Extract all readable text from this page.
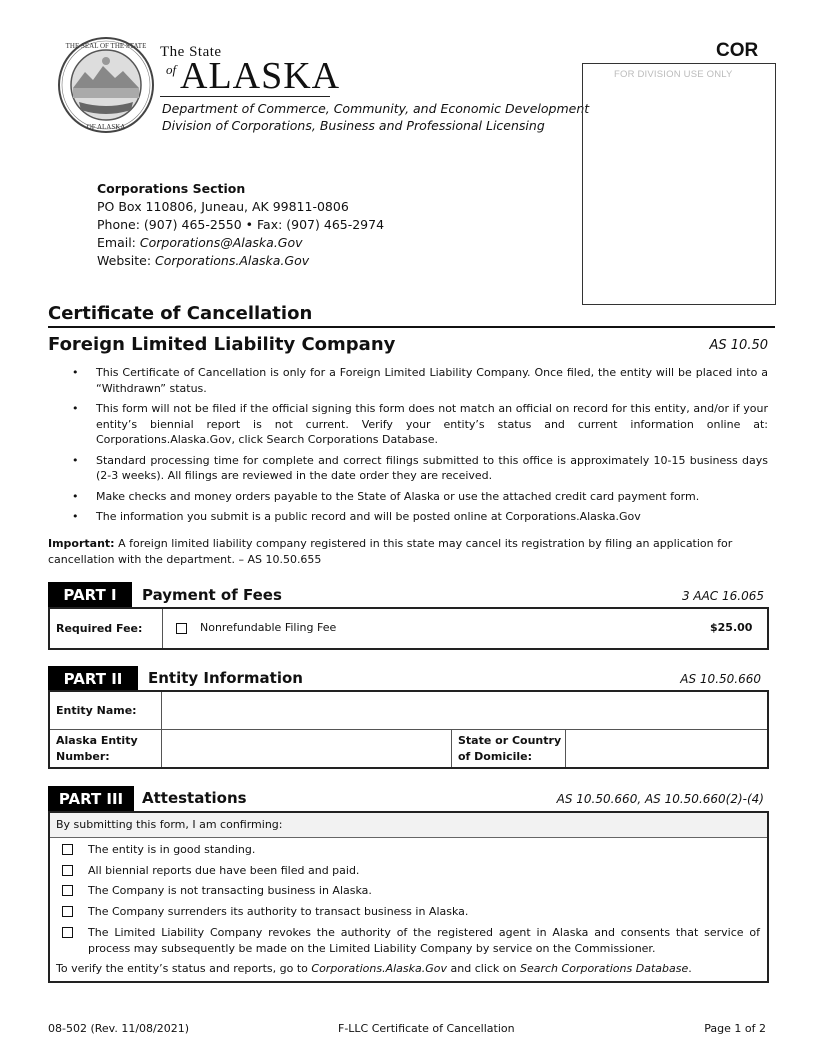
THE SEAL OF THE STATE
OF ALASKA
The State
of ALASKA
Department of Commerce, Community, and Economic Development
Division of Corporations, Business and Professional Licensing
COR
FOR DIVISION USE ONLY
Corporations Section
PO Box 110806, Juneau, AK 99811-0806
Phone: (907) 465-2550 • Fax: (907) 465-2974
Email: Corporations@Alaska.Gov
Website: Corporations.Alaska.Gov
Certificate of Cancellation
Foreign Limited Liability Company	AS 10.50
• This Certificate of Cancellation is only for a Foreign Limited Liability Company. Once filed, the entity will be placed into a “Withdrawn” status.
• This form will not be filed if the official signing this form does not match an official on record for this entity, and/or if your entity’s biennial report is not current. Verify your entity’s status and current information online at: Corporations.Alaska.Gov, click Search Corporations Database.
• Standard processing time for complete and correct filings submitted to this office is approximately 10-15 business days (2-3 weeks). All filings are reviewed in the date order they are received.
• Make checks and money orders payable to the State of Alaska or use the attached credit card payment form.
• The information you submit is a public record and will be posted online at Corporations.Alaska.Gov
Important: A foreign limited liability company registered in this state may cancel its registration by filing an application for cancellation with the department. – AS 10.50.655
PART I	Payment of Fees	3 AAC 16.065
Required Fee:	Nonrefundable Filing Fee	$25.00
PART II	Entity Information	AS 10.50.660
Entity Name:
Alaska Entity
Number:
State or Country
of Domicile:
PART III	Attestations	AS 10.50.660, AS 10.50.660(2)-(4)
By submitting this form, I am confirming:
The entity is in good standing.
All biennial reports due have been filed and paid.
The Company is not transacting business in Alaska.
The Company surrenders its authority to transact business in Alaska.
The Limited Liability Company revokes the authority of the registered agent in Alaska and consents that service of process may subsequently be made on the Limited Liability Company by service on the Commissioner.
To verify the entity’s status and reports, go to Corporations.Alaska.Gov and click on Search Corporations Database.
08-502 (Rev. 11/08/2021)	F-LLC Certificate of Cancellation	Page 1 of 2
